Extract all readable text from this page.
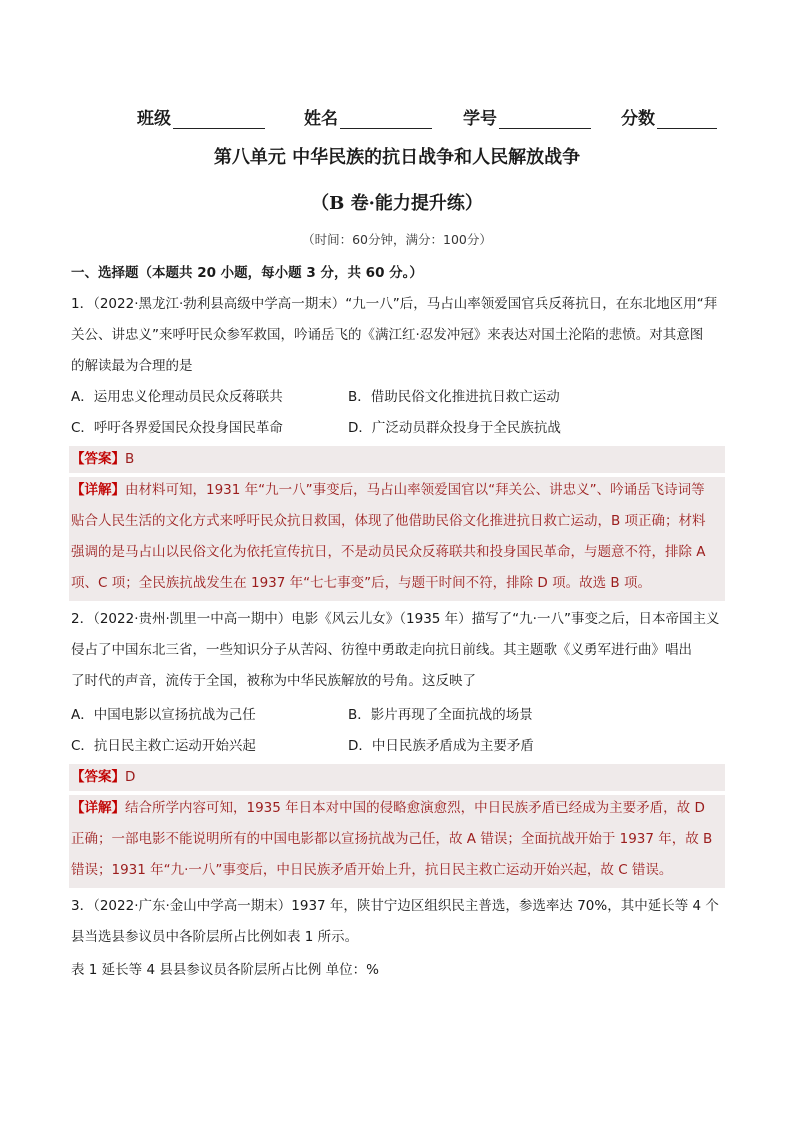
班级	姓名	学号	分数
第八单元 中华民族的抗日战争和人民解放战争
（B 卷·能力提升练）
（时间：60分钟，满分：100分）
一、选择题（本题共 20 小题，每小题 3 分，共 60 分。）
1．（2022·黑龙江·勃利县高级中学高一期末）“九一八”后，马占山率领爱国官兵反蒋抗日，在东北地区用“拜
关公、讲忠义”来呼吁民众参军救国，吟诵岳飞的《满江红·忍发冲冠》来表达对国土沦陷的悲愤。对其意图
的解读最为合理的是
A．运用忠义伦理动员民众反蒋联共	B．借助民俗文化推进抗日救亡运动
C．呼吁各界爱国民众投身国民革命	D．广泛动员群众投身于全民族抗战
【答案】B
【详解】由材料可知，1931 年“九一八”事变后，马占山率领爱国官以“拜关公、讲忠义”、吟诵岳飞诗词等
贴合人民生活的文化方式来呼吁民众抗日救国，体现了他借助民俗文化推进抗日救亡运动，B 项正确；材料
强调的是马占山以民俗文化为依托宣传抗日，不是动员民众反蒋联共和投身国民革命，与题意不符，排除 A
项、C 项；全民族抗战发生在 1937 年“七七事变”后，与题干时间不符，排除 D 项。故选 B 项。
2．（2022·贵州·凯里一中高一期中）电影《风云儿女》（1935 年）描写了“九·一八”事变之后，日本帝国主义
侵占了中国东北三省，一些知识分子从苦闷、彷徨中勇敢走向抗日前线。其主题歌《义勇军进行曲》唱出
了时代的声音，流传于全国，被称为中华民族解放的号角。这反映了
A．中国电影以宣扬抗战为己任	B．影片再现了全面抗战的场景
C．抗日民主救亡运动开始兴起	D．中日民族矛盾成为主要矛盾
【答案】D
【详解】结合所学内容可知，1935 年日本对中国的侵略愈演愈烈，中日民族矛盾已经成为主要矛盾，故 D
正确；一部电影不能说明所有的中国电影都以宣扬抗战为己任，故 A 错误；全面抗战开始于 1937 年，故 B
错误；1931 年“九·一八”事变后，中日民族矛盾开始上升，抗日民主救亡运动开始兴起，故 C 错误。
3．（2022·广东·金山中学高一期末）1937 年，陕甘宁边区组织民主普选，参选率达 70%，其中延长等 4 个
县当选县参议员中各阶层所占比例如表 1 所示。
表 1 延长等 4 县县参议员各阶层所占比例 单位：%
